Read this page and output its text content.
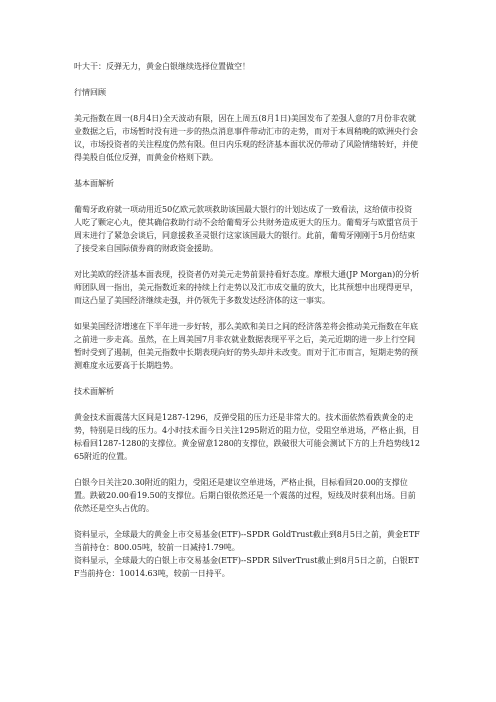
叶大干：反弹无力，黄金白银继续选择位置做空！

行情回顾

美元指数在周一(8月4日)全天波动有限，因在上周五(8月1日)美国发布了差强人意的7月份非农就业数据之后，市场暂时没有进一步的热点消息事件带动汇市的走势，而对于本周稍晚的欧洲央行会议，市场投资者的关注程度仍然有限。但日内乐观的经济基本面状况仍带动了风险情绪转好，并使得美股自低位反弹，而黄金价格则下跌。

基本面解析

葡萄牙政府就一项动用近50亿欧元款项救助该国最大银行的计划达成了一致看法，这给债市投资人吃了颗定心丸，使其确信救助行动不会给葡萄牙公共财务造成更大的压力。葡萄牙与欧盟官员于周末进行了紧急会谈后，同意援救圣灵银行这家该国最大的银行。此前，葡萄牙刚刚于5月份结束了接受来自国际债券商的财政资金援助。

对比美欧的经济基本面表现，投资者仍对美元走势前景持看好态度。摩根大通(JP Morgan)的分析师团队周一指出，美元指数近来的持续上行走势以及汇市成交量的放大，比其预想中出现得更早，而这凸显了美国经济继续走强，并仍领先于多数发达经济体的这一事实。

如果美国经济增速在下半年进一步好转，那么美欧和美日之间的经济落差将会推动美元指数在年底之前进一步走高。虽然，在上周美国7月非农就业数据表现平平之后，美元近期的进一步上行空间暂时受到了遏制，但美元指数中长期表现向好的势头却并未改变。而对于汇市而言，短期走势的预测难度永远要高于长期趋势。

技术面解析

黄金技术面震荡大区间是1287-1296，反弹受阻的压力还是非常大的。技术面依然看跌黄金的走势，特别是日线的压力。4小时技术面今日关注1295附近的阻力位，受阻空单进场，严格止损，目标看回1287-1280的支撑位。黄金留意1280的支撑位，跌破很大可能会测试下方的上升趋势线1265附近的位置。

白银今日关注20.30附近的阻力，受阻还是建议空单进场，严格止损，目标看回20.00的支撑位置。跌破20.00看19.50的支撑位。后期白银依然还是一个震荡的过程，短线及时获利出场。目前依然还是空头占优的。

资料显示，全球最大的黄金上市交易基金(ETF)--SPDR GoldTrust截止到8月5日之前，黄金ETF当前持仓：800.05吨，较前一日减持1.79吨。

资料显示，全球最大的白银上市交易基金(ETF)--SPDR SilverTrust截止到8月5日之前，白银ETF当前持仓：10014.63吨，较前一日持平。
